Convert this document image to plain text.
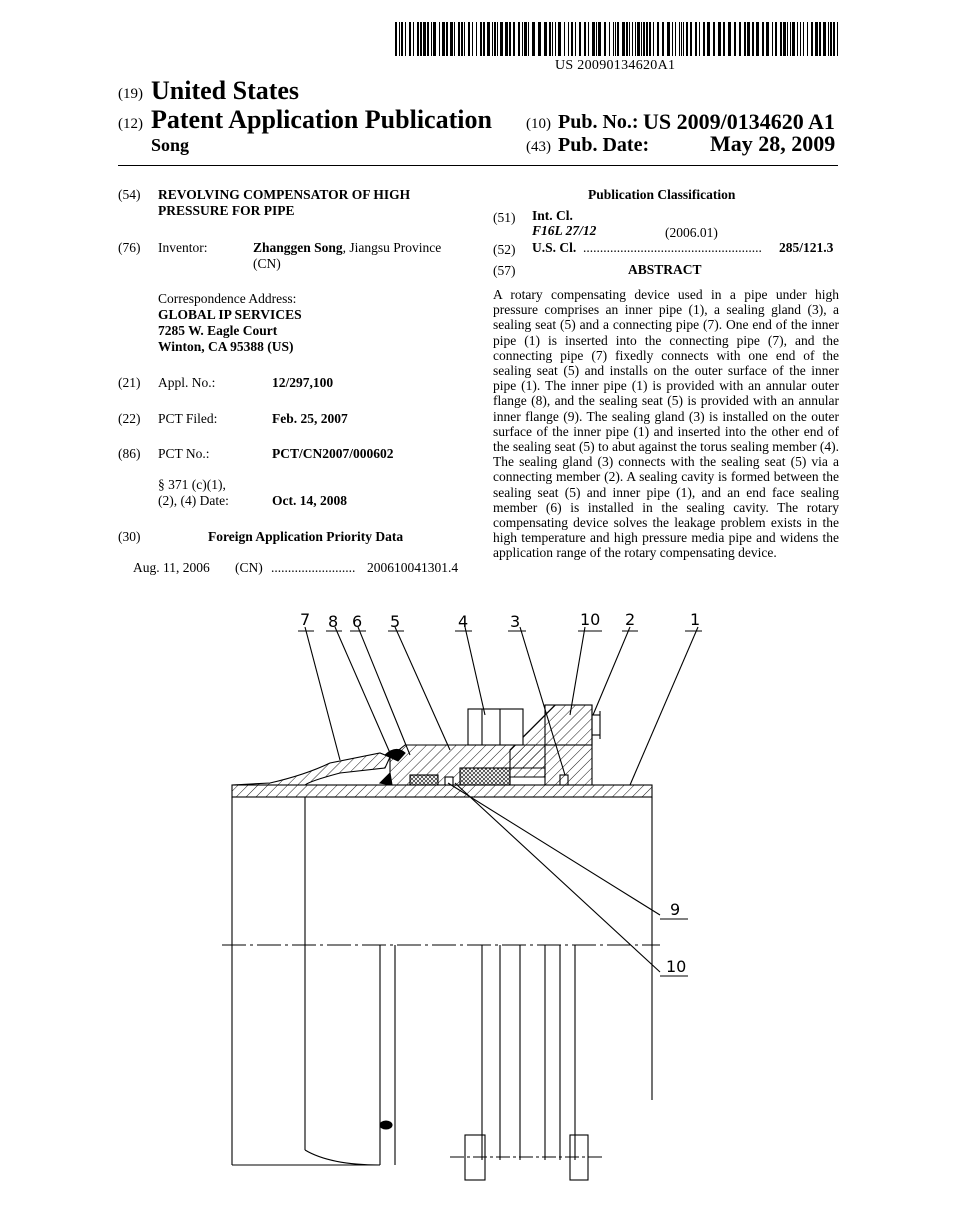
US 20090134620A1
(19) United States
(12) Patent Application Publication
Song
(10) Pub. No.: US 2009/0134620 A1
(43) Pub. Date:	May 28, 2009
(54) REVOLVING COMPENSATOR OF HIGH
PRESSURE FOR PIPE
(76) Inventor:	Zhanggen Song, Jiangsu Province
(CN)
Correspondence Address:
GLOBAL IP SERVICES
7285 W. Eagle Court
Winton, CA 95388 (US)
(21) Appl. No.:	12/297,100
(22) PCT Filed:	Feb. 25, 2007
(86) PCT No.:	PCT/CN2007/000602
§ 371 (c)(1),
(2), (4) Date:	Oct. 14, 2008
(30)	Foreign Application Priority Data
Aug. 11, 2006 (CN) ......................... 200610041301.4
Publication Classification
(51) Int. Cl.
F16L 27/12	(2006.01)
(52) U.S. Cl. ..................................................... 285/121.3
(57)	ABSTRACT
A rotary compensating device used in a pipe under high pressure comprises an inner pipe (1), a sealing gland (3), a sealing seat (5) and a connecting pipe (7). One end of the inner pipe (1) is inserted into the connecting pipe (7), and the connecting pipe (7) fixedly connects with one end of the sealing seat (5) and installs on the outer surface of the inner pipe (1). The inner pipe (1) is provided with an annular outer flange (8), and the sealing seat (5) is provided with an annular inner flange (9). The sealing gland (3) is installed on the outer surface of the inner pipe (1) and inserted into the other end of the sealing seat (5) to abut against the torus sealing member (4). The sealing gland (3) connects with the sealing seat (5) via a connecting member (2). A sealing cavity is formed between the sealing seat (5) and inner pipe (1), and an end face sealing member (6) is installed in the sealing cavity. The rotary compensating device solves the leakage problem exists in the high temperature and high pressure media pipe and widens the application range of the rotary compensating device.
7 8 6 5	4	3	10 2	1
9
10
